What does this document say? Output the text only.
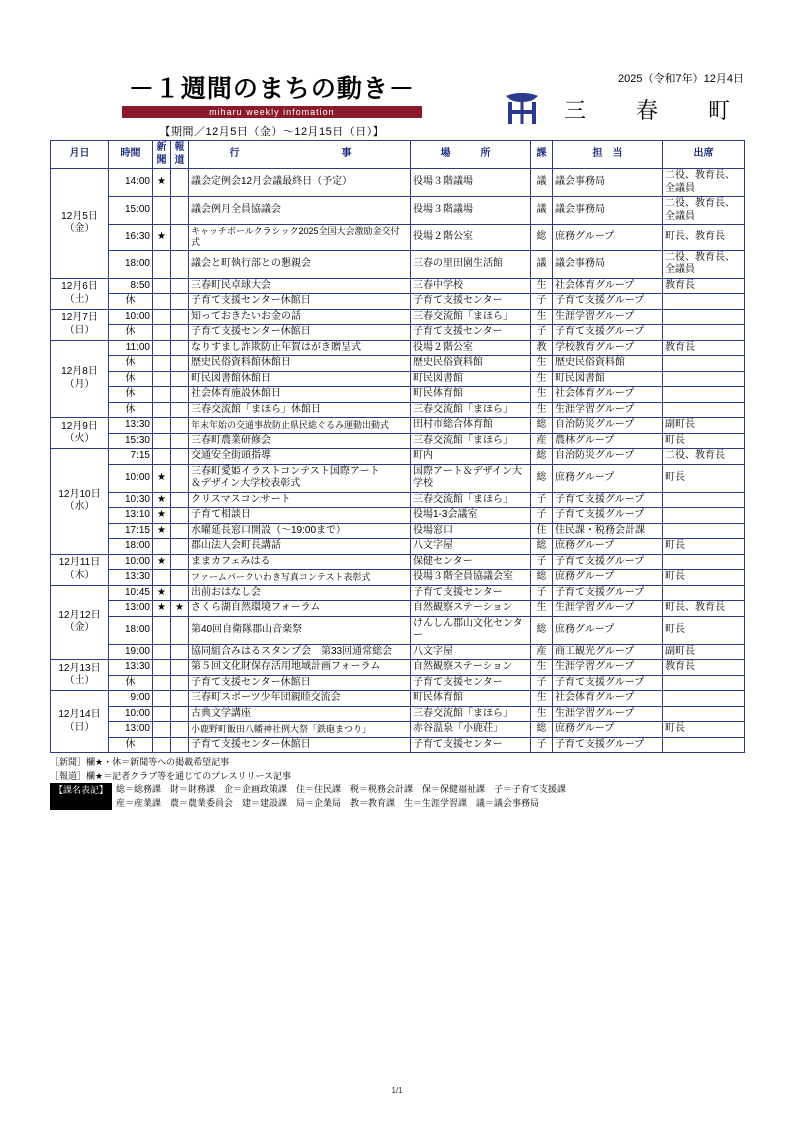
－１週間のまちの動き－
miharu weekly infomation
【期間／12月5日（金）～12月15日（日）】
2025（令和7年）12月4日
三　春　町
月日	時間	新聞	報道	行　　　事	場　所	課	担　当	出席
12月5日
（金）	14:00	★		議会定例会12月会議最終日（予定）	役場３階議場	議	議会事務局	二役、教育長、全議員
	15:00			議会例月全員協議会	役場３階議場	議	議会事務局	二役、教育長、全議員
	16:30	★		キャッチボールクラシック2025全国大会激励金交付式	役場２階公室	総	庶務グループ	町長、教育長
	18:00			議会と町執行部との懇親会	三春の里田園生活館	議	議会事務局	二役、教育長、全議員
12月6日
（土）	8:50			三春町民卓球大会	三春中学校	生	社会体育グループ	教育長
	休			子育て支援センター休館日	子育て支援センター	子	子育て支援グループ	
12月7日
（日）	10:00			知っておきたいお金の話	三春交流館「まほら」	生	生涯学習グループ	
	休			子育て支援センター休館日	子育て支援センター	子	子育て支援グループ	
12月8日
（月）	11:00			なりすまし詐欺防止年賀はがき贈呈式	役場２階公室	教	学校教育グループ	教育長
	休			歴史民俗資料館休館日	歴史民俗資料館	生	歴史民俗資料館	
	休			町民図書館休館日	町民図書館	生	町民図書館	
	休			社会体育施設休館日	町民体育館	生	社会体育グループ	
	休			三春交流館「まほら」休館日	三春交流館「まほら」	生	生涯学習グループ	
12月9日
（火）	13:30			年末年始の交通事故防止県民総ぐるみ運動出動式	田村市総合体育館	総	自治防災グループ	副町長
	15:30			三春町農業研修会	三春交流館「まほら」	産	農林グループ	町長
12月10日
（水）	7:15			交通安全街頭指導	町内	総	自治防災グループ	二役、教育長
	10:00	★		三春町愛姫イラストコンテスト国際アート
＆デザイン大学校表彰式	国際アート＆デザイン大学校	総	庶務グループ	町長
	10:30	★		クリスマスコンサート	三春交流館「まほら」	子	子育て支援グループ	
	13:10	★		子育て相談日	役場1-3会議室	子	子育て支援グループ	
	17:15	★		水曜延長窓口開設（～19:00まで）	役場窓口	住	住民課・税務会計課	
	18:00			郡山法人会町長講話	八文字屋	総	庶務グループ	町長
12月11日
（木）	10:00	★		ままカフェみはる	保健センター	子	子育て支援グループ	
	13:30			ファームパークいわき写真コンテスト表彰式	役場３階全員協議会室	総	庶務グループ	町長
12月12日
（金）	10:45	★		出前おはなし会	子育て支援センター	子	子育て支援グループ	
	13:00	★	★	さくら湖自然環境フォーラム	自然観察ステーション	生	生涯学習グループ	町長、教育長
	18:00			第40回自衛隊郡山音楽祭	けんしん郡山文化センター	総	庶務グループ	町長
	19:00			協同組合みはるスタンプ会　第33回通常総会	八文字屋	産	商工観光グループ	副町長
12月13日
（土）	13:30			第５回文化財保存活用地域計画フォーラム	自然観察ステーション	生	生涯学習グループ	教育長
	休			子育て支援センター休館日	子育て支援センター	子	子育て支援グループ	
12月14日
（日）	9:00			三春町スポーツ少年団親睦交流会	町民体育館	生	社会体育グループ	
	10:00			古典文学講座	三春交流館「まほら」	生	生涯学習グループ	
	13:00			小鹿野町飯田八幡神社例大祭「鉄砲まつり」	赤谷温泉「小鹿荘」	総	庶務グループ	町長
	休			子育て支援センター休館日	子育て支援センター	子	子育て支援グループ	
［新聞］欄★・休＝新聞等への掲載希望記事
［報道］欄★＝記者クラブ等を通じてのプレスリリース記事
【課名表記】 総＝総務課　財＝財務課　企＝企画政策課　住＝住民課　税＝税務会計課　保＝保健福祉課　子＝子育て支援課
産＝産業課　農＝農業委員会　建＝建設課　局＝企業局　教＝教育課　生＝生涯学習課　議＝議会事務局
1/1
